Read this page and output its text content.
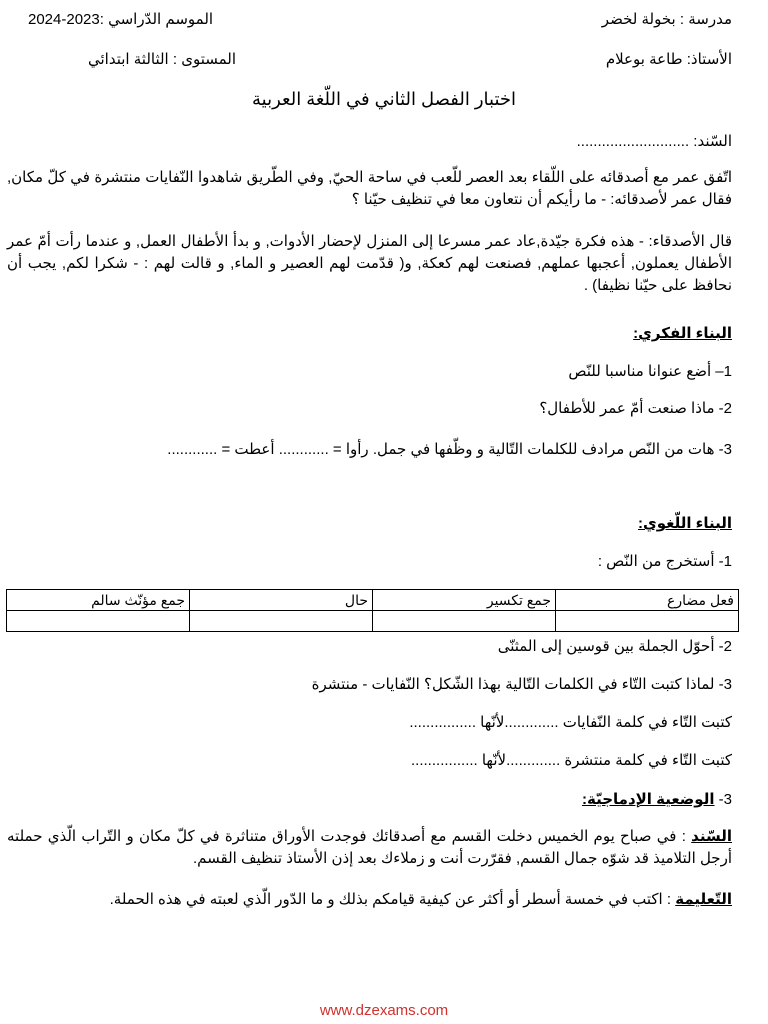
مدرسة : بخولة لخضر
الموسم الدّراسي :2023-2024
الأستاذ: طاعة بوعلام
المستوى : الثالثة ابتدائي
اختبار الفصل الثاني في اللّغة العربية
السّند: ...........................
اتّفق عمر مع أصدقائه على اللّقاء بعد العصر للّعب في ساحة الحيّ, وفي الطّريق شاهدوا النّفايات منتشرة في كلّ مكان, فقال عمر لأصدقائه: - ما رأيكم أن نتعاون معا في تنظيف حيّنا ؟
قال الأصدقاء: - هذه فكرة جيّدة,عاد عمر مسرعا إلى المنزل لإحضار الأدوات, و بدأ الأطفال العمل, و عندما رأت أمّ عمر الأطفال يعملون, أعجبها عملهم, فصنعت لهم كعكة, و( قدّمت لهم العصير و الماء, و قالت لهم : - شكرا لكم, يجب أن نحافظ على حيّنا نظيفا) .
البناء الفكري:
1– أضع عنوانا مناسبا للنّص
2- ماذا صنعت أمّ عمر للأطفال؟
3- هات من النّص مرادف للكلمات التّالية و وظّفها في جمل. رأوا = ............ أعطت = ............
البناء اللّغوي:
1- أستخرج من النّص :
فعل مضارع	جمع تكسير	حال	جمع مؤنّث سالم

2- أحوّل الجملة بين قوسين إلى المثنّى
3- لماذا كتبت التّاء في الكلمات التّالية بهذا الشّكل؟ النّفايات - منتشرة
كتبت التّاء في كلمة النّفايات .............لأنّها ................
كتبت التّاء في كلمة منتشرة .............لأنّها ................
3- الوضعية الإدماجيّة:
السّند : في صباح يوم الخميس دخلت القسم مع أصدقائك فوجدت الأوراق متناثرة في كلّ مكان و التّراب الّذي حملته أرجل التلاميذ قد شوّه جمال القسم, فقرّرت أنت و زملاءك بعد إذن الأستاذ تنظيف القسم.
التّعليمة : اكتب في خمسة أسطر أو أكثر عن كيفية قيامكم بذلك و ما الدّور الّذي لعبته في هذه الحملة.
www.dzexams.com
